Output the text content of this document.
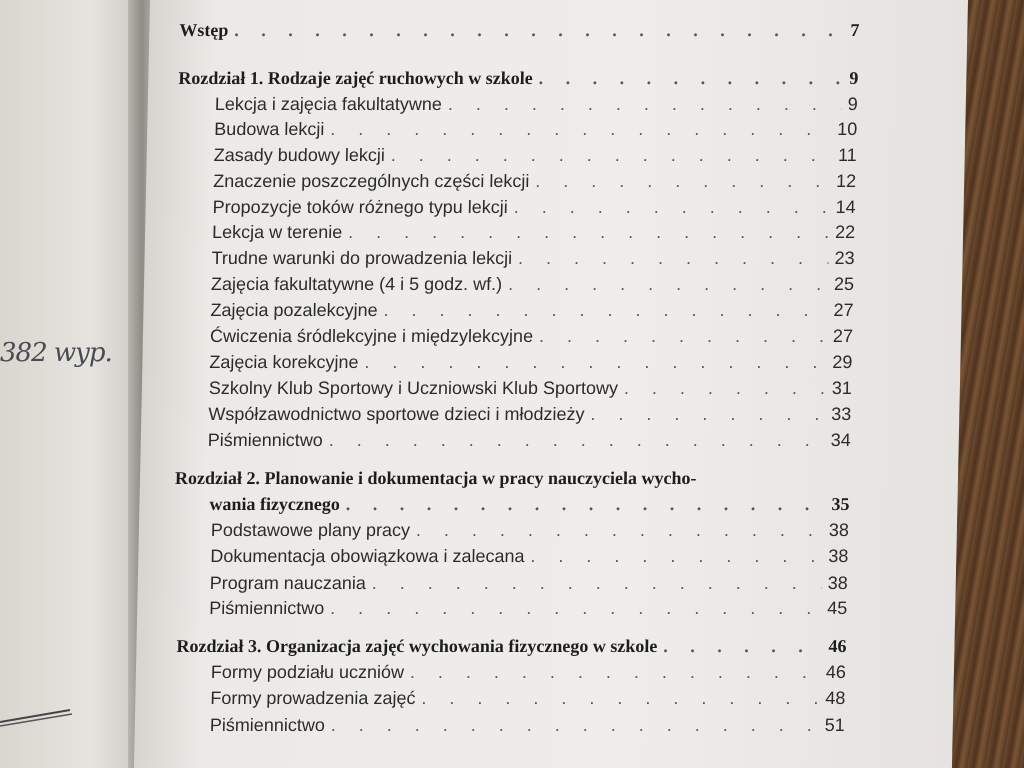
382 wyp.
Wstęp . . .	7
Rozdział 1. Rodzaje zajęć ruchowych w szkole . . .	9
Lekcja i zajęcia fakultatywne . . .	9
Budowa lekcji . . .	10
Zasady budowy lekcji . . .	11
Znaczenie poszczególnych części lekcji . . .	12
Propozycje toków różnego typu lekcji . . .	14
Lekcja w terenie . . .	22
Trudne warunki do prowadzenia lekcji . . .	23
Zajęcia fakultatywne (4 i 5 godz. wf.) . . .	25
Zajęcia pozalekcyjne . . .	27
Ćwiczenia śródlekcyjne i międzylekcyjne . . .	27
Zajęcia korekcyjne . . .	29
Szkolny Klub Sportowy i Uczniowski Klub Sportowy . . .	31
Współzawodnictwo sportowe dzieci i młodzieży . . .	33
Piśmiennictwo . . .	34
Rozdział 2. Planowanie i dokumentacja w pracy nauczyciela wycho-
wania fizycznego . . .	35
Podstawowe plany pracy . . .	38
Dokumentacja obowiązkowa i zalecana . . .	38
Program nauczania . . .	38
Piśmiennictwo . . .	45
Rozdział 3. Organizacja zajęć wychowania fizycznego w szkole . . .	46
Formy podziału uczniów . . .	46
Formy prowadzenia zajęć . . .	48
Piśmiennictwo . . .	51
